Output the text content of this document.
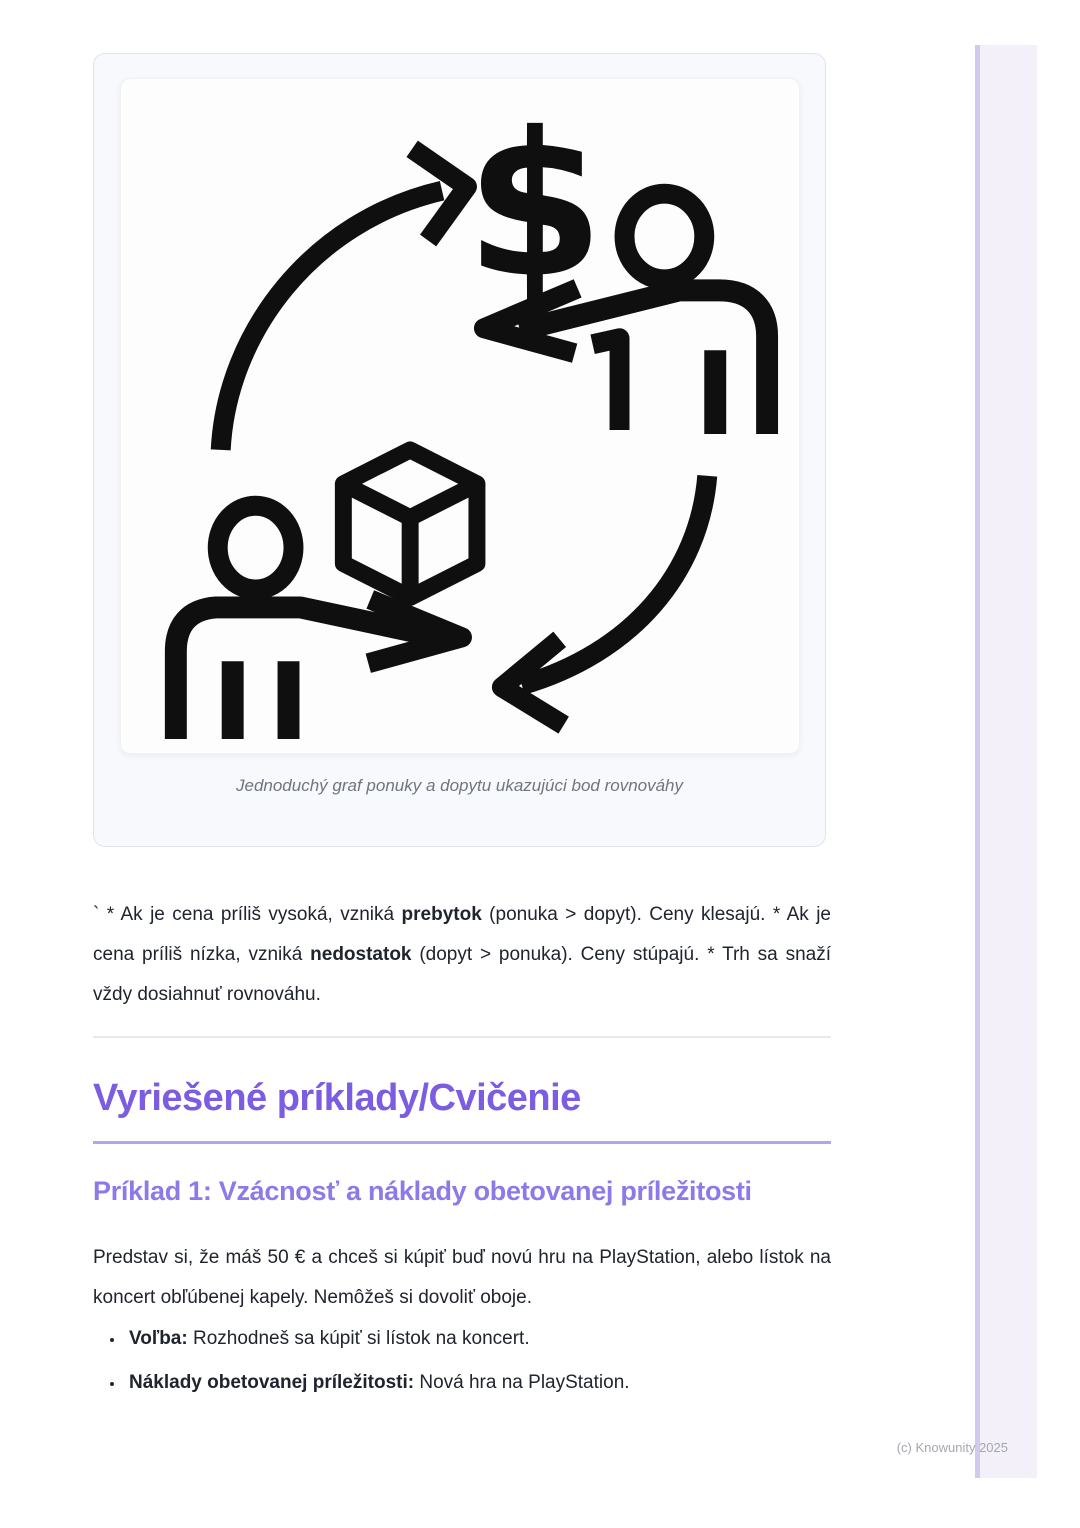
$
Jednoduchý graf ponuky a dopytu ukazujúci bod rovnováhy

` * Ak je cena príliš vysoká, vzniká prebytok (ponuka > dopyt). Ceny klesajú. * Ak je cena príliš nízka, vzniká nedostatok (dopyt > ponuka). Ceny stúpajú. * Trh sa snaží vždy dosiahnuť rovnováhu.

Vyriešené príklady/Cvičenie
Príklad 1: Vzácnosť a náklady obetovanej príležitosti

Predstav si, že máš 50 € a chceš si kúpiť buď novú hru na PlayStation, alebo lístok na koncert obľúbenej kapely. Nemôžeš si dovoliť oboje.

• Voľba: Rozhodneš sa kúpiť si lístok na koncert.
• Náklady obetovanej príležitosti: Nová hra na PlayStation.
(c) Knowunity 2025
